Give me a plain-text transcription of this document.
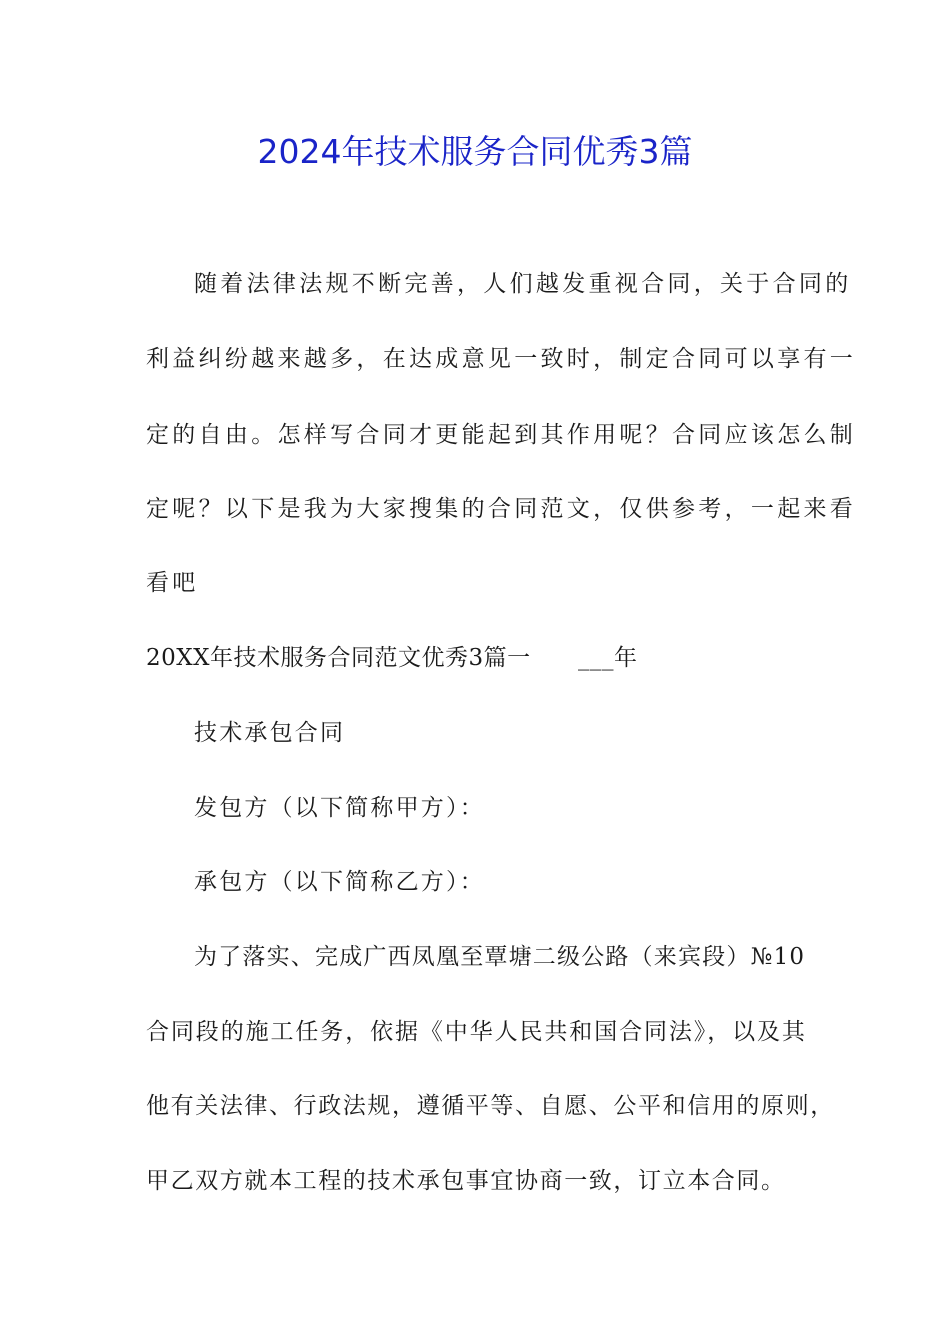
2024年技术服务合同优秀3篇
随着法律法规不断完善，人们越发重视合同，关于合同的
利益纠纷越来越多，在达成意见一致时，制定合同可以享有一
定的自由。怎样写合同才更能起到其作用呢？合同应该怎么制
定呢？以下是我为大家搜集的合同范文，仅供参考，一起来看
看吧
20XX年技术服务合同范文优秀3篇一 ___年
技术承包合同
发包方（以下简称甲方）：
承包方（以下简称乙方）：
为了落实、完成广西凤凰至覃塘二级公路（来宾段）№10
合同段的施工任务，依据《中华人民共和国合同法》，以及其
他有关法律、行政法规，遵循平等、自愿、公平和信用的原则，
甲乙双方就本工程的技术承包事宜协商一致，订立本合同。
